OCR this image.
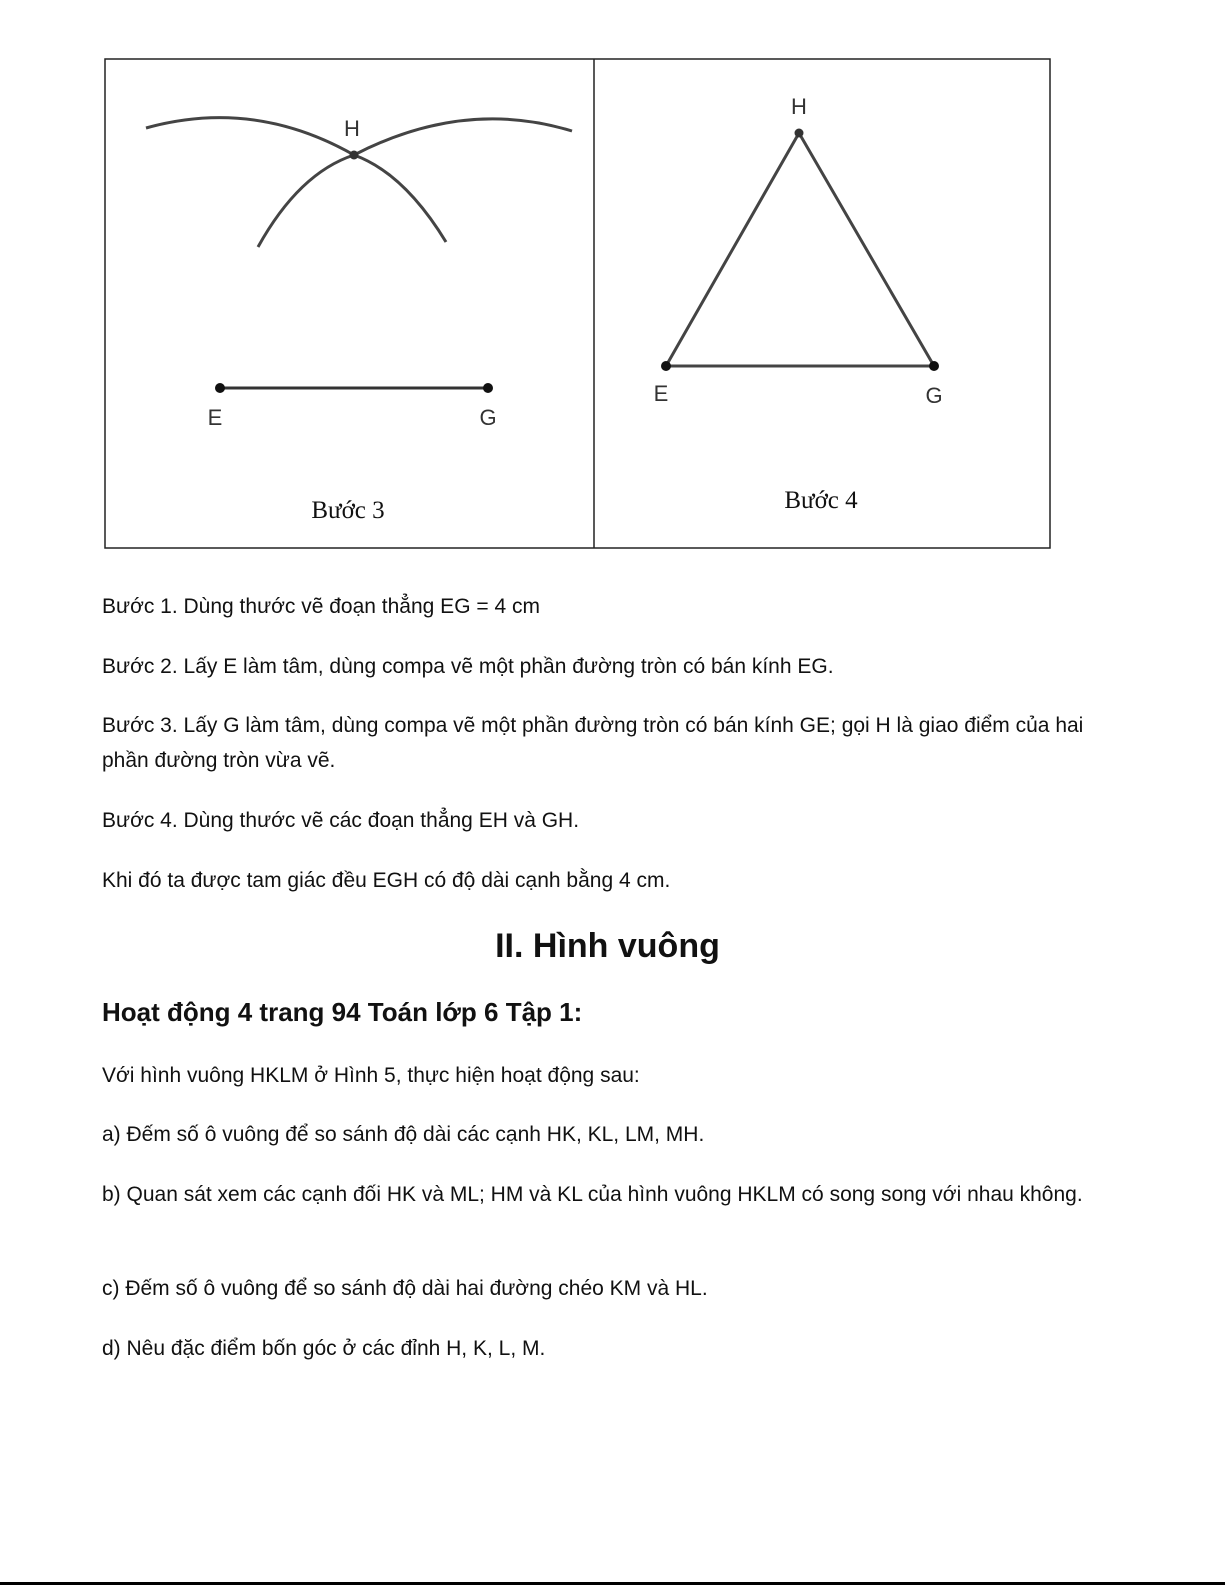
H
E	G
Bước 3
H
E	G
Bước 4

Bước 1. Dùng thước vẽ đoạn thẳng EG = 4 cm

Bước 2. Lấy E làm tâm, dùng compa vẽ một phần đường tròn có bán kính EG.

Bước 3. Lấy G làm tâm, dùng compa vẽ một phần đường tròn có bán kính GE; gọi H là giao điểm của hai phần đường tròn vừa vẽ.

Bước 4. Dùng thước vẽ các đoạn thẳng EH và GH.

Khi đó ta được tam giác đều EGH có độ dài cạnh bằng 4 cm.

II. Hình vuông
Hoạt động 4 trang 94 Toán lớp 6 Tập 1:

Với hình vuông HKLM ở Hình 5, thực hiện hoạt động sau:

a) Đếm số ô vuông để so sánh độ dài các cạnh HK, KL, LM, MH.

b) Quan sát xem các cạnh đối HK và ML; HM và KL của hình vuông HKLM có song song với nhau không.

c) Đếm số ô vuông để so sánh độ dài hai đường chéo KM và HL.

d) Nêu đặc điểm bốn góc ở các đỉnh H, K, L, M.
